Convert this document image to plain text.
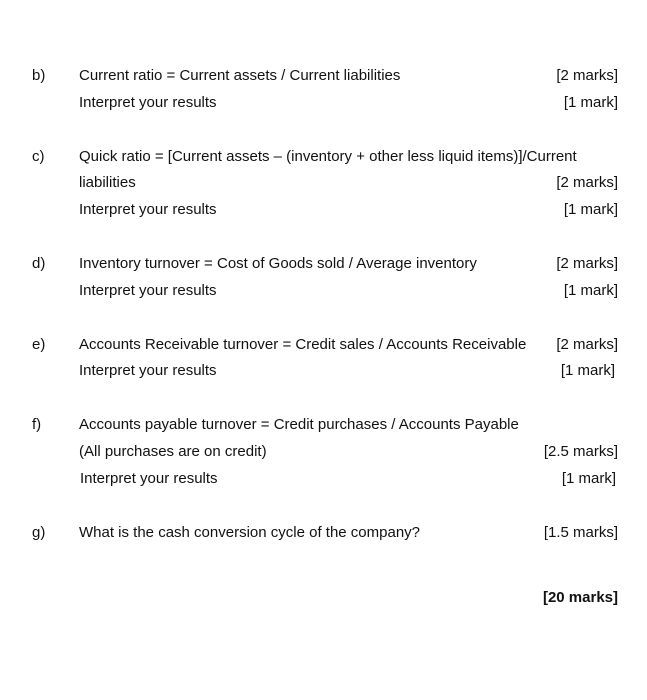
b) Current ratio = Current assets / Current liabilities	[2 marks]
Interpret your results	[1 mark]
c) Quick ratio = [Current assets – (inventory + other less liquid items)]/Current
liabilities	[2 marks]
Interpret your results	[1 mark]
d) Inventory turnover = Cost of Goods sold / Average inventory	[2 marks]
Interpret your results	[1 mark]
e) Accounts Receivable turnover = Credit sales / Accounts Receivable [2 marks]
Interpret your results	[1 mark]
f)	Accounts payable turnover = Credit purchases / Accounts Payable
(All purchases are on credit)	[2.5 marks]
Interpret your results	[1 mark]
g) What is the cash conversion cycle of the company?	[1.5 marks]
[20 marks]
